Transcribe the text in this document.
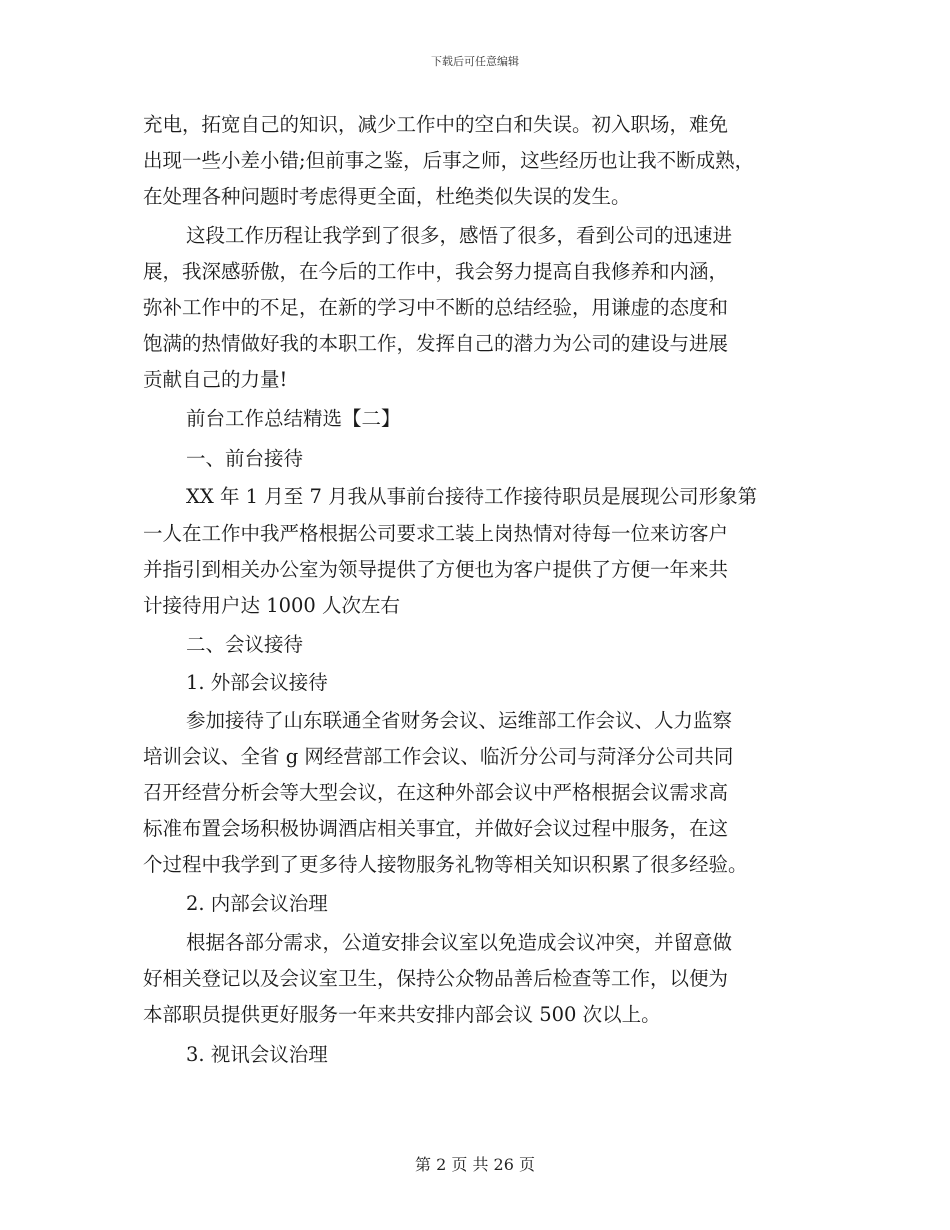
下载后可任意编辑
充电，拓宽自己的知识，减少工作中的空白和失误。初入职场，难免
出现一些小差小错;但前事之鉴，后事之师，这些经历也让我不断成熟，
在处理各种问题时考虑得更全面，杜绝类似失误的发生。
这段工作历程让我学到了很多，感悟了很多，看到公司的迅速进
展，我深感骄傲，在今后的工作中，我会努力提高自我修养和内涵，
弥补工作中的不足，在新的学习中不断的总结经验，用谦虚的态度和
饱满的热情做好我的本职工作，发挥自己的潜力为公司的建设与进展
贡献自己的力量!
前台工作总结精选【二】
一、前台接待
XX 年 1 月至 7 月我从事前台接待工作接待职员是展现公司形象第
一人在工作中我严格根据公司要求工装上岗热情对待每一位来访客户
并指引到相关办公室为领导提供了方便也为客户提供了方便一年来共
计接待用户达 1000 人次左右
二、会议接待
1. 外部会议接待
参加接待了山东联通全省财务会议、运维部工作会议、人力监察
培训会议、全省 g 网经营部工作会议、临沂分公司与菏泽分公司共同
召开经营分析会等大型会议，在这种外部会议中严格根据会议需求高
标准布置会场积极协调酒店相关事宜，并做好会议过程中服务，在这
个过程中我学到了更多待人接物服务礼物等相关知识积累了很多经验。
2. 内部会议治理
根据各部分需求，公道安排会议室以免造成会议冲突，并留意做
好相关登记以及会议室卫生，保持公众物品善后检查等工作，以便为
本部职员提供更好服务一年来共安排内部会议 500 次以上。
3. 视讯会议治理
第 2 页 共 26 页
